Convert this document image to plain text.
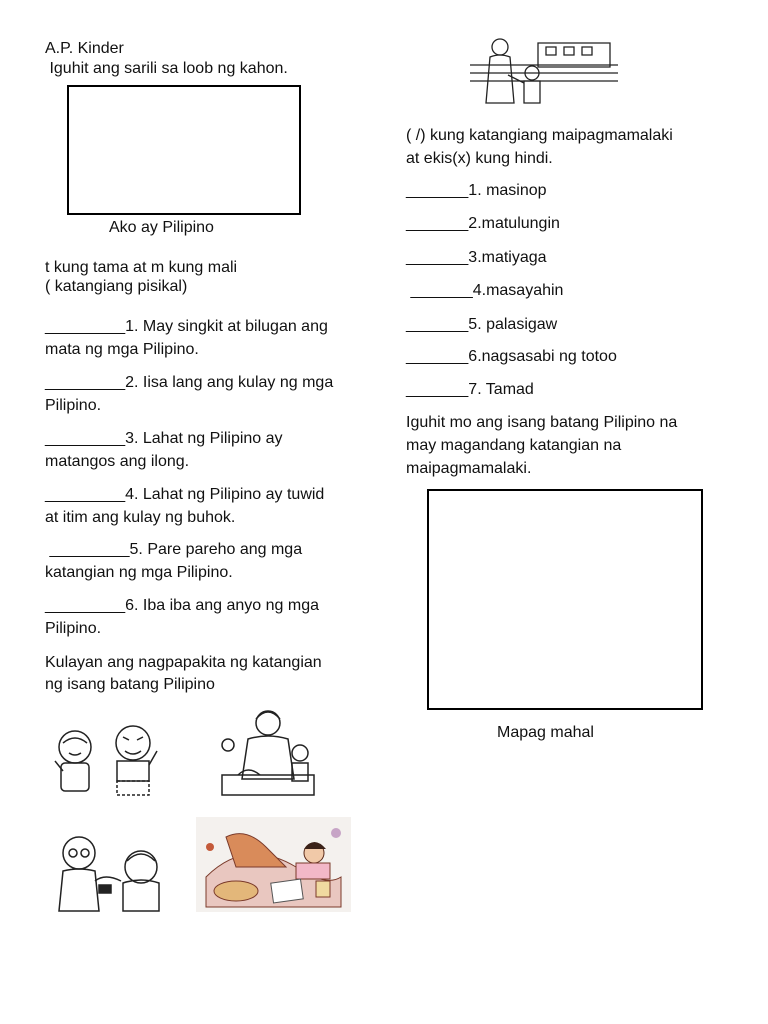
A.P. Kinder
Iguhit ang sarili sa loob ng kahon.
Ako ay Pilipino
t kung tama at m kung mali
( katangiang pisikal)
_________1. May singkit at bilugan ang
mata ng mga Pilipino.
_________2. Iisa lang ang kulay ng mga
Pilipino.
_________3. Lahat ng Pilipino ay
matangos ang ilong.
_________4. Lahat ng Pilipino ay tuwid
at itim ang kulay ng buhok.
_________5. Pare pareho ang mga
katangian ng mga Pilipino.
_________6. Iba iba ang anyo ng mga
Pilipino.
Kulayan ang nagpapakita ng katangian
ng isang batang Pilipino
( /) kung katangiang maipagmamalaki
at ekis(x) kung hindi.
_______1. masinop
_______2.matulungin
_______3.matiyaga
_______4.masayahin
_______5. palasigaw
_______6.nagsasabi ng totoo
_______7. Tamad
Iguhit mo ang isang batang Pilipino na
may magandang katangian na
maipagmamalaki.
Mapag mahal
